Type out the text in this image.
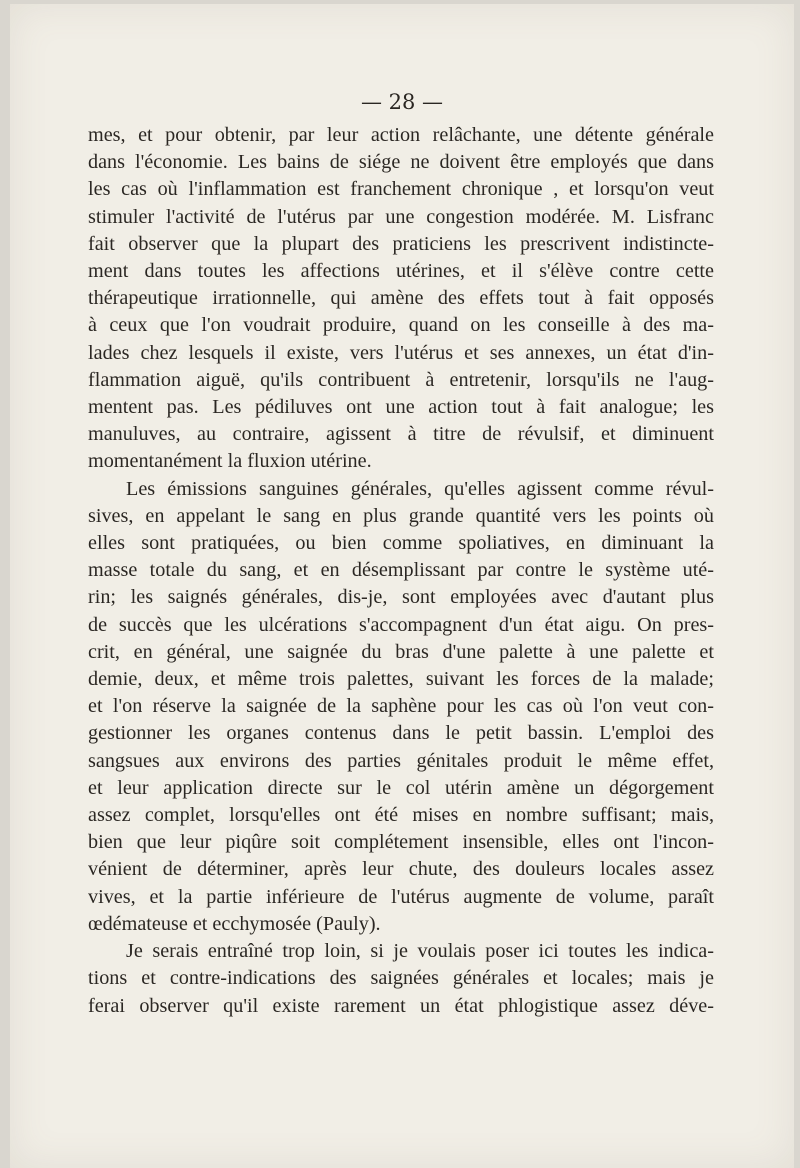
— 28 —
mes, et pour obtenir, par leur action relâchante, une détente générale
dans l'économie. Les bains de siége ne doivent être employés que dans
les cas où l'inflammation est franchement chronique , et lorsqu'on veut
stimuler l'activité de l'utérus par une congestion modérée. M. Lisfranc
fait observer que la plupart des praticiens les prescrivent indistincte-
ment dans toutes les affections utérines, et il s'élève contre cette
thérapeutique irrationnelle, qui amène des effets tout à fait opposés
à ceux que l'on voudrait produire, quand on les conseille à des ma-
lades chez lesquels il existe, vers l'utérus et ses annexes, un état d'in-
flammation aiguë, qu'ils contribuent à entretenir, lorsqu'ils ne l'aug-
mentent pas. Les pédiluves ont une action tout à fait analogue; les
manuluves, au contraire, agissent à titre de révulsif, et diminuent
momentanément la fluxion utérine.
Les émissions sanguines générales, qu'elles agissent comme révul-
sives, en appelant le sang en plus grande quantité vers les points où
elles sont pratiquées, ou bien comme spoliatives, en diminuant la
masse totale du sang, et en désemplissant par contre le système uté-
rin; les saignés générales, dis-je, sont employées avec d'autant plus
de succès que les ulcérations s'accompagnent d'un état aigu. On pres-
crit, en général, une saignée du bras d'une palette à une palette et
demie, deux, et même trois palettes, suivant les forces de la malade;
et l'on réserve la saignée de la saphène pour les cas où l'on veut con-
gestionner les organes contenus dans le petit bassin. L'emploi des
sangsues aux environs des parties génitales produit le même effet,
et leur application directe sur le col utérin amène un dégorgement
assez complet, lorsqu'elles ont été mises en nombre suffisant; mais,
bien que leur piqûre soit complétement insensible, elles ont l'incon-
vénient de déterminer, après leur chute, des douleurs locales assez
vives, et la partie inférieure de l'utérus augmente de volume, paraît
œdémateuse et ecchymosée (Pauly).
Je serais entraîné trop loin, si je voulais poser ici toutes les indica-
tions et contre-indications des saignées générales et locales; mais je
ferai observer qu'il existe rarement un état phlogistique assez déve-
